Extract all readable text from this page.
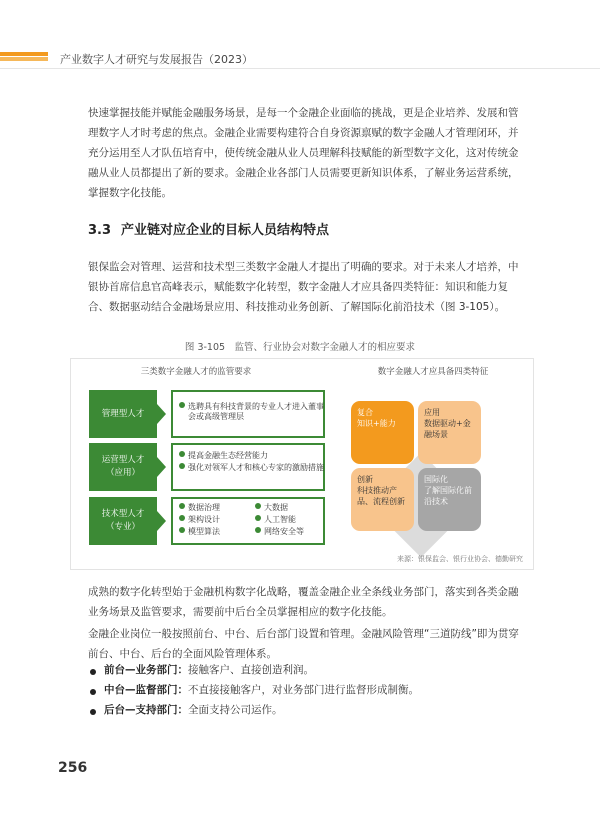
产业数字人才研究与发展报告（2023）

快速掌握技能并赋能金融服务场景，是每一个金融企业面临的挑战，更是企业培养、发展和管理数字人才时考虑的焦点。金融企业需要构建符合自身资源禀赋的数字金融人才管理闭环，并充分运用至人才队伍培育中，使传统金融从业人员理解科技赋能的新型数字文化，这对传统金融从业人员都提出了新的要求。金融企业各部门人员需要更新知识体系，了解业务运营系统，掌握数字化技能。

3.3 产业链对应企业的目标人员结构特点

银保监会对管理、运营和技术型三类数字金融人才提出了明确的要求。对于未来人才培养，中银协首席信息官高峰表示，赋能数字化转型，数字金融人才应具备四类特征：知识和能力复合、数据驱动结合金融场景应用、科技推动业务创新、了解国际化前沿技术（图 3-105）。

图 3-105　监管、行业协会对数字金融人才的相应要求
三类数字金融人才的监管要求	数字金融人才应具备四类特征
管理型人才
选聘具有科技背景的专业人才进入董事会或高级管理层
运营型人才（应用）
提高金融生态经营能力
强化对领军人才和核心专家的激励措施
技术型人才（专业）
数据治理	大数据
架构设计	人工智能
模型算法	网络安全等
复合
知识+能力
应用
数据驱动+金融场景
创新
科技推动产品、流程创新
国际化
了解国际化前沿技术
来源：银保监会、银行业协会、德勤研究

成熟的数字化转型始于金融机构数字化战略，覆盖金融企业全条线业务部门，落实到各类金融业务场景及监管要求，需要前中后台全员掌握相应的数字化技能。

金融企业岗位一般按照前台、中台、后台部门设置和管理。金融风险管理“三道防线”即为贯穿前台、中台、后台的全面风险管理体系。

前台—业务部门：接触客户、直接创造利润。
中台—监督部门：不直接接触客户，对业务部门进行监督形成制衡。
后台—支持部门：全面支持公司运作。
256
